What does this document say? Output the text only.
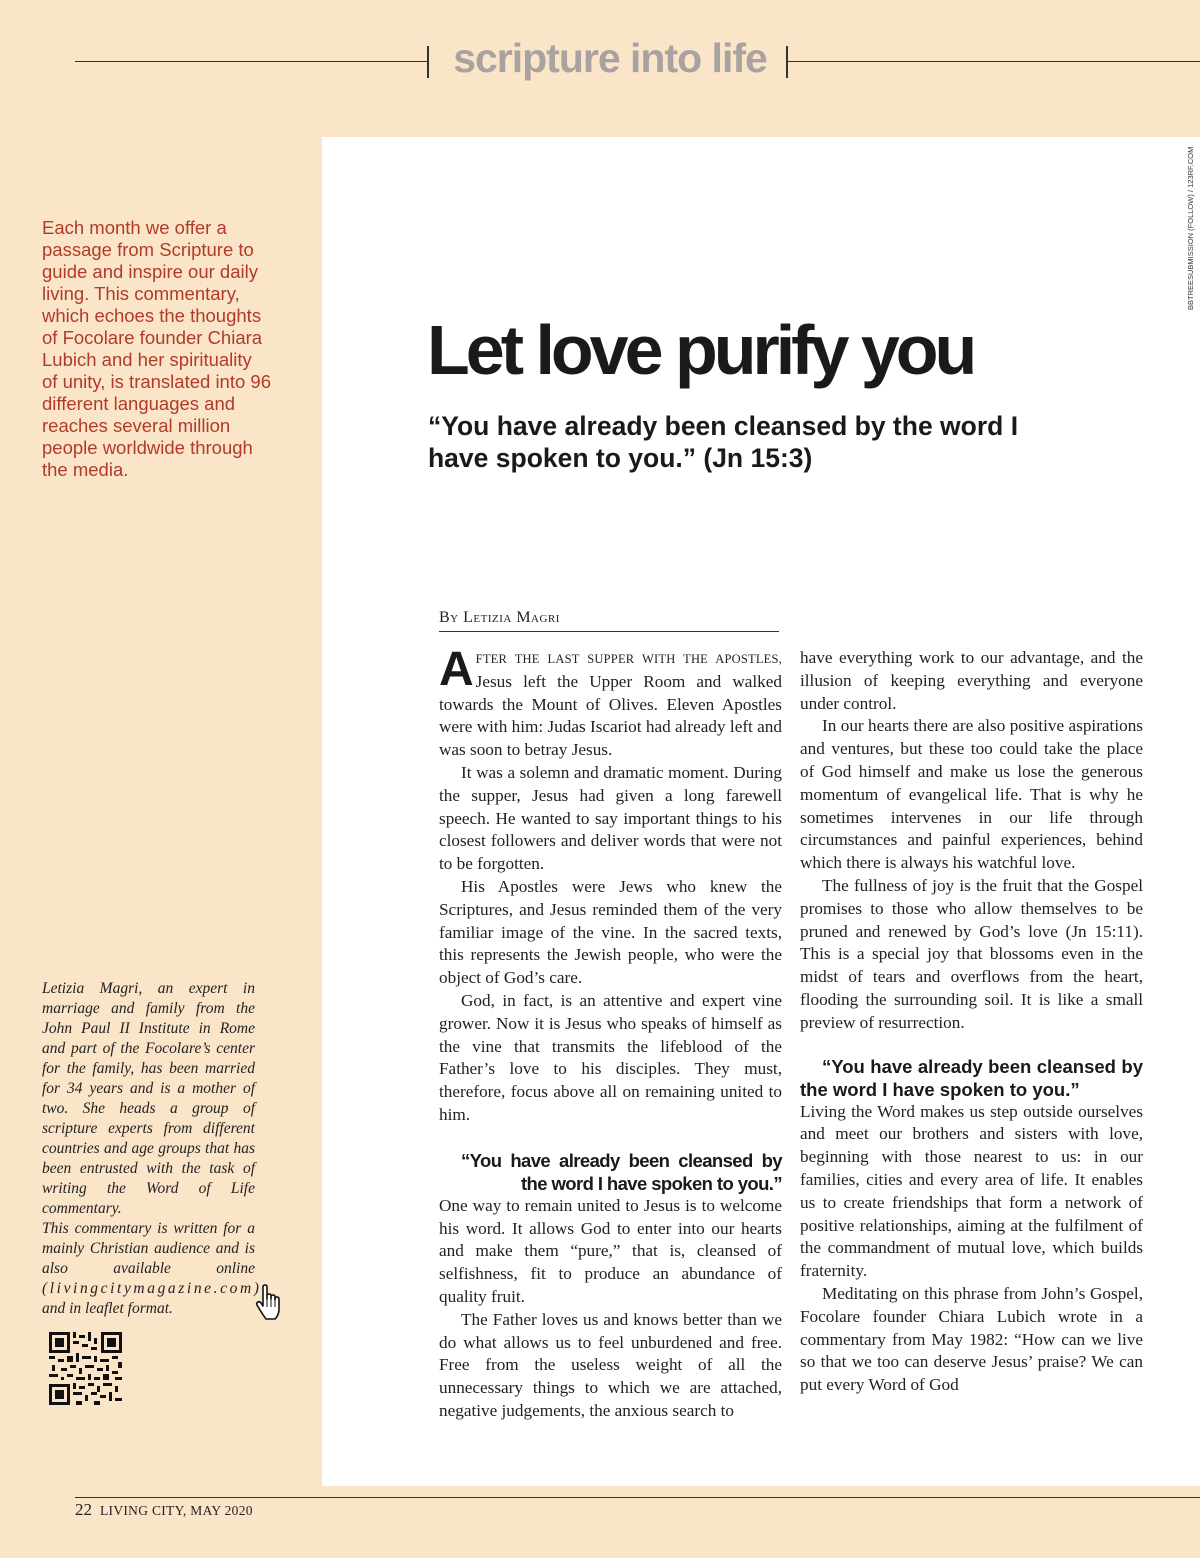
scripture into life

Each month we offer a passage from Scripture to guide and inspire our daily living. This commentary, which echoes the thoughts of Focolare founder Chiara Lubich and her spirituality of unity, is translated into 96 different languages and reaches several million people worldwide through the media.

Letizia Magri, an expert in marriage and family from the John Paul II Institute in Rome and part of the Focolare’s center for the family, has been married for 34 years and is a mother of two. She heads a group of scripture experts from different countries and age groups that has been entrusted with the task of writing the Word of Life commentary.

This commentary is written for a mainly Christian audience and is also available online (livingcitymagazine.com) and in leaflet format.

BBTREESUBMISSION (FOLLOW) / 123RF.COM
Let love purify you
“You have already been cleansed by the word I have spoken to you.” (Jn 15:3)

By Letizia Magri

AFTER THE LAST SUPPER WITH THE APOSTLES, Jesus left the Upper Room and walked towards the Mount of Olives. Eleven Apostles were with him: Judas Iscariot had already left and was soon to betray Jesus.

It was a solemn and dramatic moment. During the supper, Jesus had given a long farewell speech. He wanted to say important things to his closest followers and deliver words that were not to be forgotten.

His Apostles were Jews who knew the Scriptures, and Jesus reminded them of the very familiar image of the vine. In the sacred texts, this represents the Jewish people, who were the object of God’s care.

God, in fact, is an attentive and expert vine grower. Now it is Jesus who speaks of himself as the vine that transmits the lifeblood of the Father’s love to his disciples. They must, therefore, focus above all on remaining united to him.

“You have already been cleansed by the word I have spoken to you.”

One way to remain united to Jesus is to welcome his word. It allows God to enter into our hearts and make them “pure,” that is, cleansed of selfishness, fit to produce an abundance of quality fruit.

The Father loves us and knows better than we do what allows us to feel unburdened and free. Free from the useless weight of all the unnecessary things to which we are attached, negative judgements, the anxious search to

have everything work to our advantage, and the illusion of keeping everything and everyone under control.

In our hearts there are also positive aspirations and ventures, but these too could take the place of God himself and make us lose the generous momentum of evangelical life. That is why he sometimes intervenes in our life through circumstances and painful experiences, behind which there is always his watchful love.

The fullness of joy is the fruit that the Gospel promises to those who allow themselves to be pruned and renewed by God’s love (Jn 15:11). This is a special joy that blossoms even in the midst of tears and overflows from the heart, flooding the surrounding soil. It is like a small preview of resurrection.

“You have already been cleansed by the word I have spoken to you.”

Living the Word makes us step outside ourselves and meet our brothers and sisters with love, beginning with those nearest to us: in our families, cities and every area of life. It enables us to create friendships that form a network of positive relationships, aiming at the fulfilment of the commandment of mutual love, which builds fraternity.

Meditating on this phrase from John’s Gospel, Focolare founder Chiara Lubich wrote in a commentary from May 1982: “How can we live so that we too can deserve Jesus’ praise? We can put every Word of God

22 LIVING CITY, MAY 2020
